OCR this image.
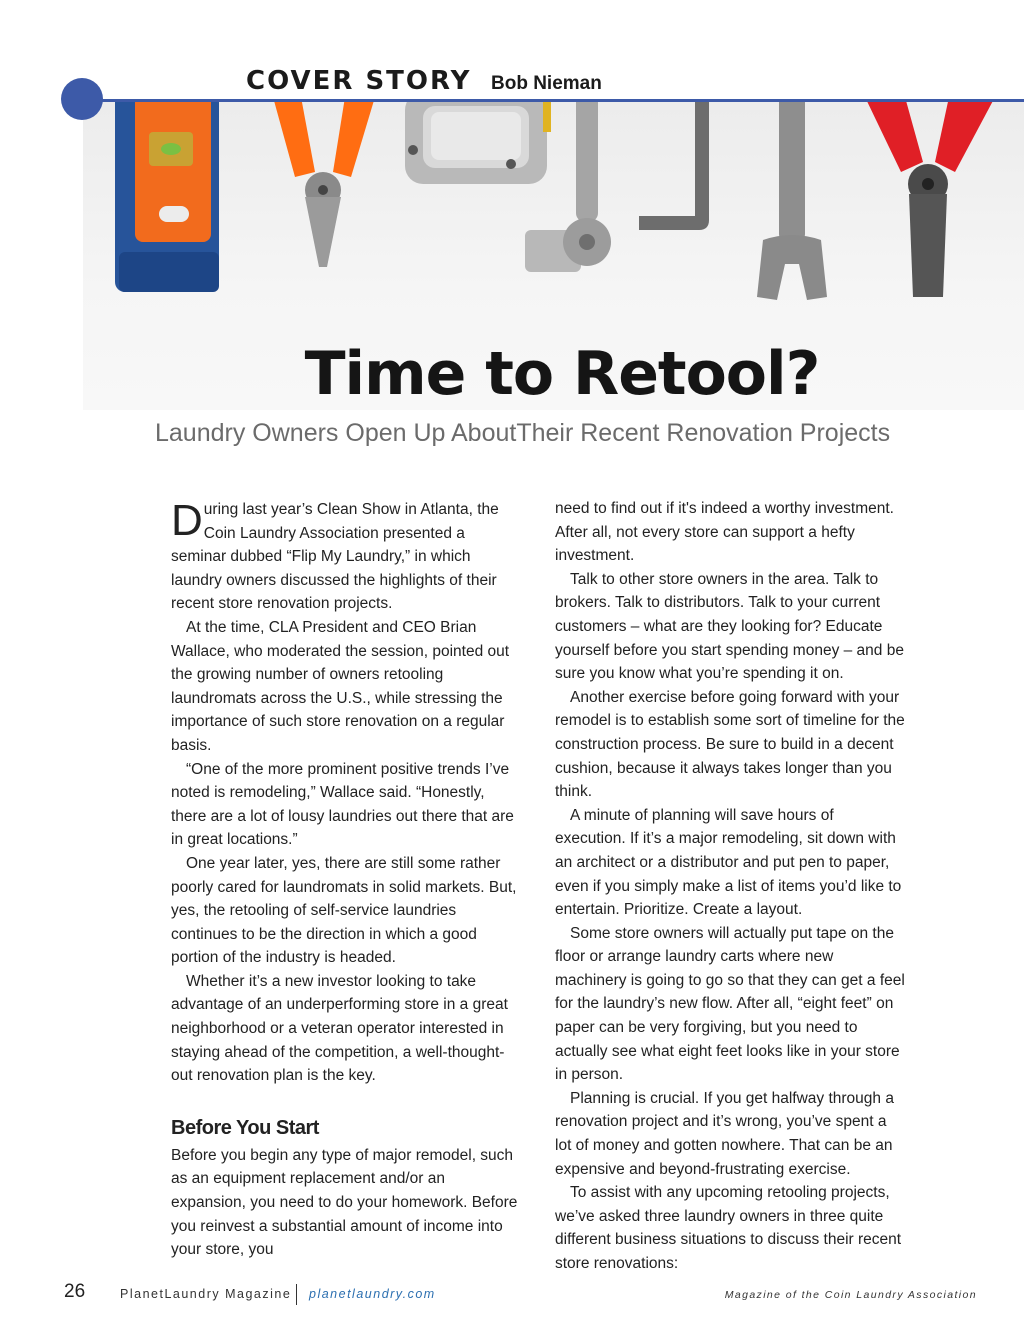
COVER STORY Bob Nieman
Time to Retool?
Laundry Owners Open Up AboutTheir Recent Renovation Projects

During last year’s Clean Show in Atlanta, the Coin Laundry Association presented a seminar dubbed “Flip My Laundry,” in which laundry owners discussed the highlights of their recent store renovation projects.

At the time, CLA President and CEO Brian Wallace, who moderated the session, pointed out the growing number of owners retooling laundromats across the U.S., while stressing the importance of such store renovation on a regular basis.

“One of the more prominent positive trends I’ve noted is remodeling,” Wallace said. “Honestly, there are a lot of lousy laundries out there that are in great locations.”

One year later, yes, there are still some rather poorly cared for laundromats in solid markets. But, yes, the retooling of self-service laundries continues to be the direction in which a good portion of the industry is headed.

Whether it’s a new investor looking to take advantage of an underperforming store in a great neighborhood or a veteran operator interested in staying ahead of the competition, a well-thought-out renovation plan is the key.

Before You Start

Before you begin any type of major remodel, such as an equipment replacement and/or an expansion, you need to do your homework. Before you reinvest a substantial amount of income into your store, you

need to find out if it's indeed a worthy investment. After all, not every store can support a hefty investment.

Talk to other store owners in the area. Talk to brokers. Talk to distributors. Talk to your current customers – what are they looking for? Educate yourself before you start spending money – and be sure you know what you’re spending it on.

Another exercise before going forward with your remodel is to establish some sort of timeline for the construction process. Be sure to build in a decent cushion, because it always takes longer than you think.

A minute of planning will save hours of execution. If it’s a major remodeling, sit down with an architect or a distributor and put pen to paper, even if you simply make a list of items you’d like to entertain. Prioritize. Create a layout.

Some store owners will actually put tape on the floor or arrange laundry carts where new machinery is going to go so that they can get a feel for the laundry’s new flow. After all, “eight feet” on paper can be very forgiving, but you need to actually see what eight feet looks like in your store in person.

Planning is crucial. If you get halfway through a renovation project and it’s wrong, you’ve spent a lot of money and gotten nowhere. That can be an expensive and beyond-frustrating exercise.

To assist with any upcoming retooling projects, we’ve asked three laundry owners in three quite different business situations to discuss their recent store renovations:

26	PlanetLaundry Magazine planetlaundry.com	Magazine of the Coin Laundry Association
